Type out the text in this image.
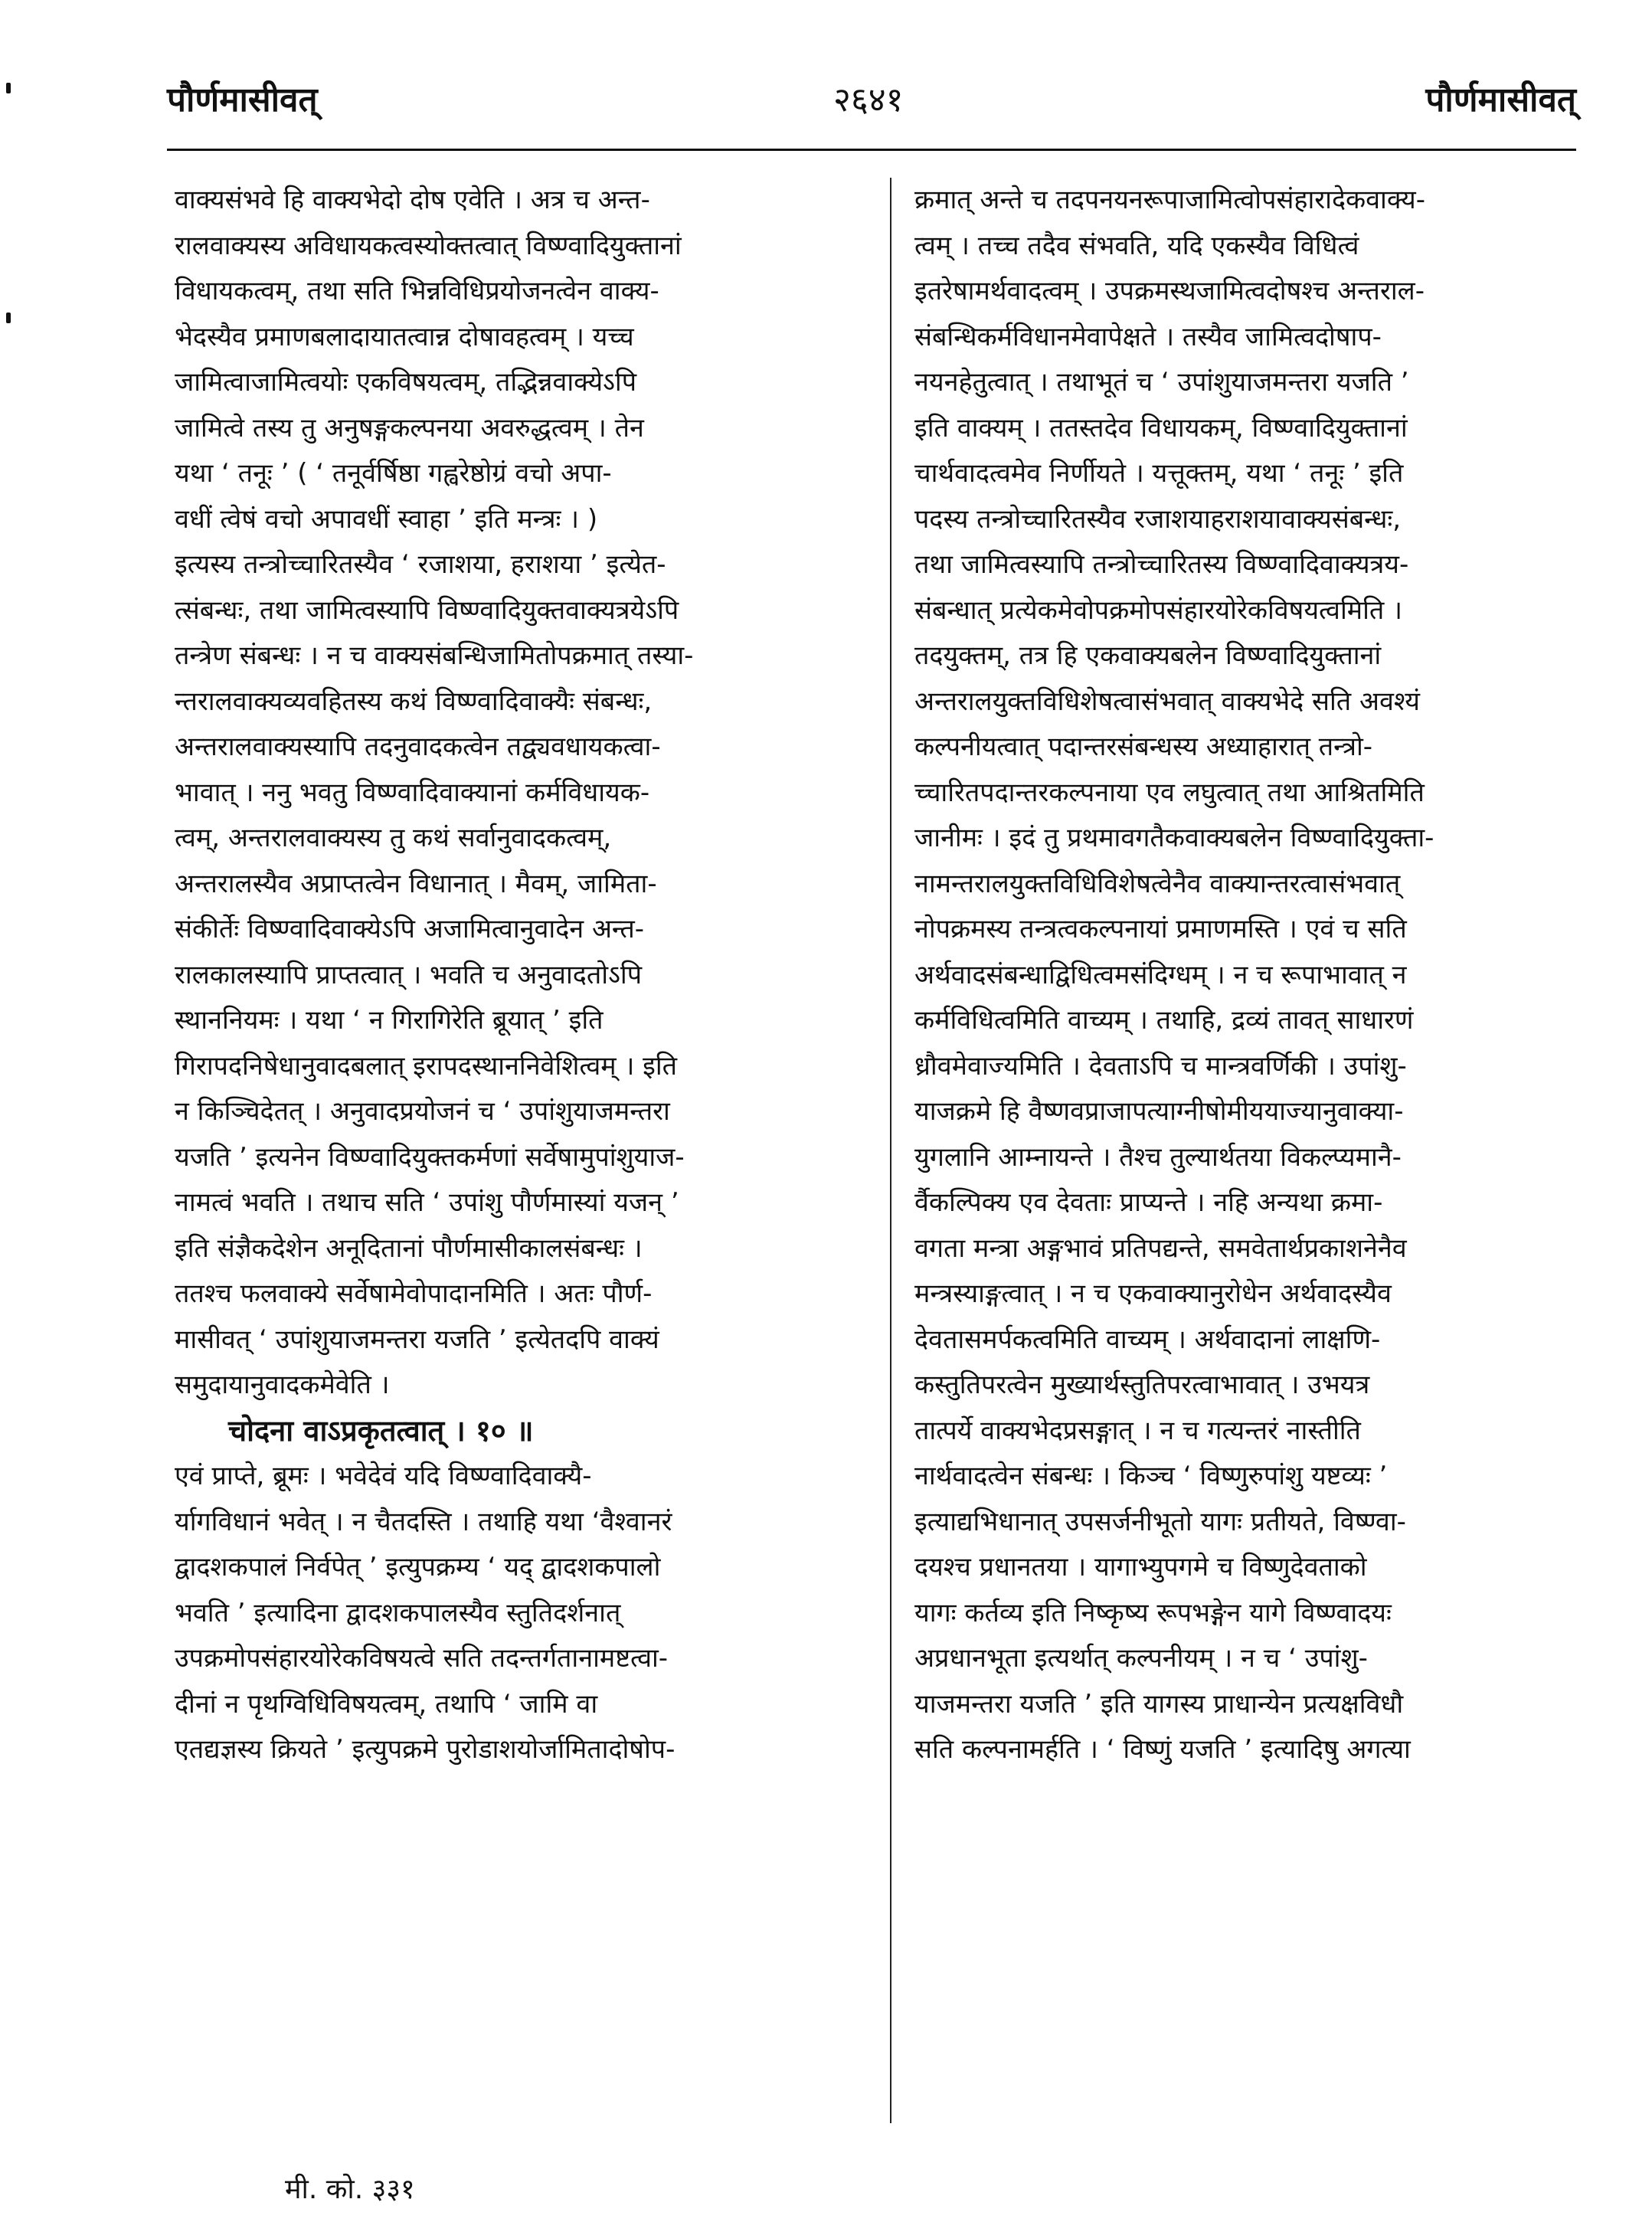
पौर्णमासीवत्	२६४१	पौर्णमासीवत्
वाक्यसंभवे हि वाक्यभेदो दोष एवेति । अत्र च अन्त-
रालवाक्यस्य अविधायकत्वस्योक्तत्वात् विष्ण्वादियुक्तानां
विधायकत्वम्, तथा सति भिन्नविधिप्रयोजनत्वेन वाक्य-
भेदस्यैव प्रमाणबलादायातत्वान्न दोषावहत्वम् । यच्च
जामित्वाजामित्वयोः एकविषयत्वम्, तद्भिन्नवाक्येऽपि
जामित्वे तस्य तु अनुषङ्गकल्पनया अवरुद्धत्वम् । तेन
यथा ‘ तनूः ’ ( ‘ तनूर्वर्षिष्ठा गह्वरेष्ठोग्रं वचो अपा-
वधीं त्वेषं वचो अपावधीं स्वाहा ’ इति मन्त्रः । )
इत्यस्य तन्त्रोच्चारितस्यैव ‘ रजाशया, हराशया ’ इत्येत-
त्संबन्धः, तथा जामित्वस्यापि विष्ण्वादियुक्तवाक्यत्रयेऽपि
तन्त्रेण संबन्धः । न च वाक्यसंबन्धिजामितोपक्रमात् तस्या-
न्तरालवाक्यव्यवहितस्य कथं विष्ण्वादिवाक्यैः संबन्धः,
अन्तरालवाक्यस्यापि तदनुवादकत्वेन तद्व्यवधायकत्वा-
भावात् । ननु भवतु विष्ण्वादिवाक्यानां कर्मविधायक-
त्वम्, अन्तरालवाक्यस्य तु कथं सर्वानुवादकत्वम्,
अन्तरालस्यैव अप्राप्तत्वेन विधानात् । मैवम्, जामिता-
संकीर्तेः विष्ण्वादिवाक्येऽपि अजामित्वानुवादेन अन्त-
रालकालस्यापि प्राप्तत्वात् । भवति च अनुवादतोऽपि
स्थाननियमः । यथा ‘ न गिरागिरेति ब्रूयात् ’ इति
गिरापदनिषेधानुवादबलात् इरापदस्थाननिवेशित्वम् । इति
न किञ्चिदेतत् । अनुवादप्रयोजनं च ‘ उपांशुयाजमन्तरा
यजति ’ इत्यनेन विष्ण्वादियुक्तकर्मणां सर्वेषामुपांशुयाज-
नामत्वं भवति । तथाच सति ‘ उपांशु पौर्णमास्यां यजन् ’
इति संज्ञैकदेशेन अनूदितानां पौर्णमासीकालसंबन्धः ।
ततश्च फलवाक्ये सर्वेषामेवोपादानमिति । अतः पौर्ण-
मासीवत् ‘ उपांशुयाजमन्तरा यजति ’ इत्येतदपि वाक्यं
समुदायानुवादकमेवेति ।
चोदना वाऽप्रकृतत्वात् । १० ॥
एवं प्राप्ते, ब्रूमः । भवेदेवं यदि विष्ण्वादिवाक्यै-
र्यागविधानं भवेत् । न चैतदस्ति । तथाहि यथा ‘वैश्वानरं
द्वादशकपालं निर्वपेत् ’ इत्युपक्रम्य ‘ यद् द्वादशकपालो
भवति ’ इत्यादिना द्वादशकपालस्यैव स्तुतिदर्शनात्
उपक्रमोपसंहारयोरेकविषयत्वे सति तदन्तर्गतानामष्टत्वा-
दीनां न पृथग्विधिविषयत्वम्, तथापि ‘ जामि वा
एतद्यज्ञस्य क्रियते ’ इत्युपक्रमे पुरोडाशयोर्जामितादोषोप-
क्रमात् अन्ते च तदपनयनरूपाजामित्वोपसंहारादेकवाक्य-
त्वम् । तच्च तदैव संभवति, यदि एकस्यैव विधित्वं
इतरेषामर्थवादत्वम् । उपक्रमस्थजामित्वदोषश्च अन्तराल-
संबन्धिकर्मविधानमेवापेक्षते । तस्यैव जामित्वदोषाप-
नयनहेतुत्वात् । तथाभूतं च ‘ उपांशुयाजमन्तरा यजति ’
इति वाक्यम् । ततस्तदेव विधायकम्, विष्ण्वादियुक्तानां
चार्थवादत्वमेव निर्णीयते । यत्तूक्तम्, यथा ‘ तनूः ’ इति
पदस्य तन्त्रोच्चारितस्यैव रजाशयाहराशयावाक्यसंबन्धः,
तथा जामित्वस्यापि तन्त्रोच्चारितस्य विष्ण्वादिवाक्यत्रय-
संबन्धात् प्रत्येकमेवोपक्रमोपसंहारयोरेकविषयत्वमिति ।
तदयुक्तम्, तत्र हि एकवाक्यबलेन विष्ण्वादियुक्तानां
अन्तरालयुक्तविधिशेषत्वासंभवात् वाक्यभेदे सति अवश्यं
कल्पनीयत्वात् पदान्तरसंबन्धस्य अध्याहारात् तन्त्रो-
च्चारितपदान्तरकल्पनाया एव लघुत्वात् तथा आश्रितमिति
जानीमः । इदं तु प्रथमावगतैकवाक्यबलेन विष्ण्वादियुक्ता-
नामन्तरालयुक्तविधिविशेषत्वेनैव वाक्यान्तरत्वासंभवात्
नोपक्रमस्य तन्त्रत्वकल्पनायां प्रमाणमस्ति । एवं च सति
अर्थवादसंबन्धाद्विधित्वमसंदिग्धम् । न च रूपाभावात् न
कर्मविधित्वमिति वाच्यम् । तथाहि, द्रव्यं तावत् साधारणं
ध्रौवमेवाज्यमिति । देवताऽपि च मान्त्रवर्णिकी । उपांशु-
याजक्रमे हि वैष्णवप्राजापत्याग्नीषोमीययाज्यानुवाक्या-
युगलानि आम्नायन्ते । तैश्च तुल्यार्थतया विकल्प्यमानै-
र्वैकल्पिक्य एव देवताः प्राप्यन्ते । नहि अन्यथा क्रमा-
वगता मन्त्रा अङ्गभावं प्रतिपद्यन्ते, समवेतार्थप्रकाशनेनैव
मन्त्रस्याङ्गत्वात् । न च एकवाक्यानुरोधेन अर्थवादस्यैव
देवतासमर्पकत्वमिति वाच्यम् । अर्थवादानां लाक्षणि-
कस्तुतिपरत्वेन मुख्यार्थस्तुतिपरत्वाभावात् । उभयत्र
तात्पर्ये वाक्यभेदप्रसङ्गात् । न च गत्यन्तरं नास्तीति
नार्थवादत्वेन संबन्धः । किञ्च ‘ विष्णुरुपांशु यष्टव्यः ’
इत्याद्यभिधानात् उपसर्जनीभूतो यागः प्रतीयते, विष्ण्वा-
दयश्च प्रधानतया । यागाभ्युपगमे च विष्णुदेवताको
यागः कर्तव्य इति निष्कृष्य रूपभङ्गेन यागे विष्ण्वादयः
अप्रधानभूता इत्यर्थात् कल्पनीयम् । न च ‘ उपांशु-
याजमन्तरा यजति ’ इति यागस्य प्राधान्येन प्रत्यक्षविधौ
सति कल्पनामर्हति । ‘ विष्णुं यजति ’ इत्यादिषु अगत्या
मी. को. ३३१
